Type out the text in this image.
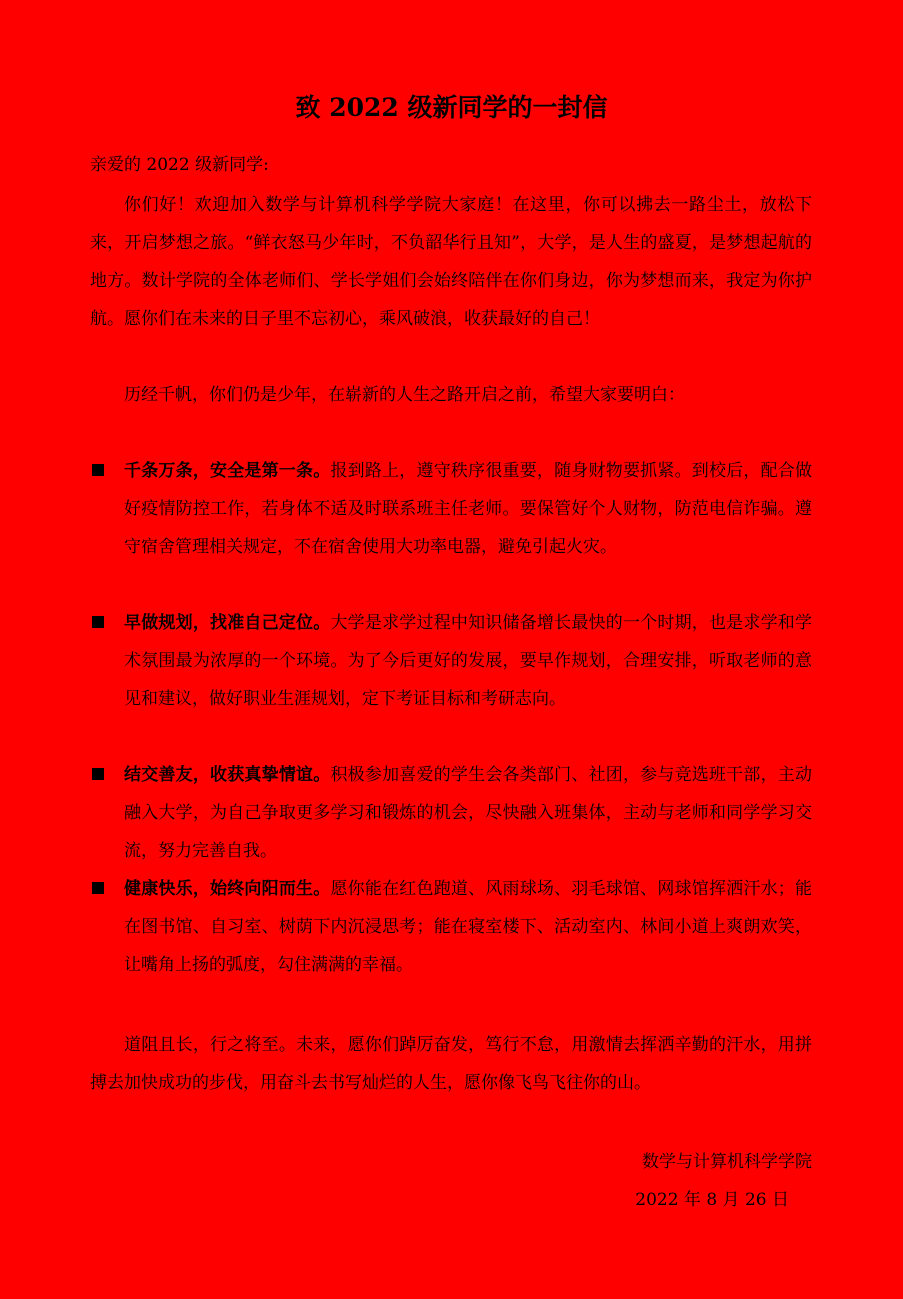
致 2022 级新同学的一封信
亲爱的 2022 级新同学:

你们好！欢迎加入数学与计算机科学学院大家庭！在这里，你可以拂去一路尘土，放松下来，开启梦想之旅。“鲜衣怒马少年时，不负韶华行且知”，大学，是人生的盛夏，是梦想起航的地方。数计学院的全体老师们、学长学姐们会始终陪伴在你们身边，你为梦想而来，我定为你护航。愿你们在未来的日子里不忘初心，乘风破浪，收获最好的自己！

历经千帆，你们仍是少年，在崭新的人生之路开启之前，希望大家要明白：

千条万条，安全是第一条。报到路上，遵守秩序很重要，随身财物要抓紧。到校后，配合做好疫情防控工作，若身体不适及时联系班主任老师。要保管好个人财物，防范电信诈骗。遵守宿舍管理相关规定，不在宿舍使用大功率电器，避免引起火灾。
早做规划，找准自己定位。大学是求学过程中知识储备增长最快的一个时期，也是求学和学术氛围最为浓厚的一个环境。为了今后更好的发展，要早作规划，合理安排，听取老师的意见和建议，做好职业生涯规划，定下考证目标和考研志向。
结交善友，收获真挚情谊。积极参加喜爱的学生会各类部门、社团，参与竞选班干部，主动融入大学，为自己争取更多学习和锻炼的机会，尽快融入班集体，主动与老师和同学学习交流，努力完善自我。
健康快乐，始终向阳而生。愿你能在红色跑道、风雨球场、羽毛球馆、网球馆挥洒汗水；能在图书馆、自习室、树荫下内沉浸思考；能在寝室楼下、活动室内、林间小道上爽朗欢笑，让嘴角上扬的弧度，勾住满满的幸福。

道阻且长，行之将至。未来，愿你们踔厉奋发，笃行不怠，用激情去挥洒辛勤的汗水，用拼搏去加快成功的步伐，用奋斗去书写灿烂的人生，愿你像飞鸟飞往你的山。

数学与计算机科学学院
2022 年 8 月 26 日
